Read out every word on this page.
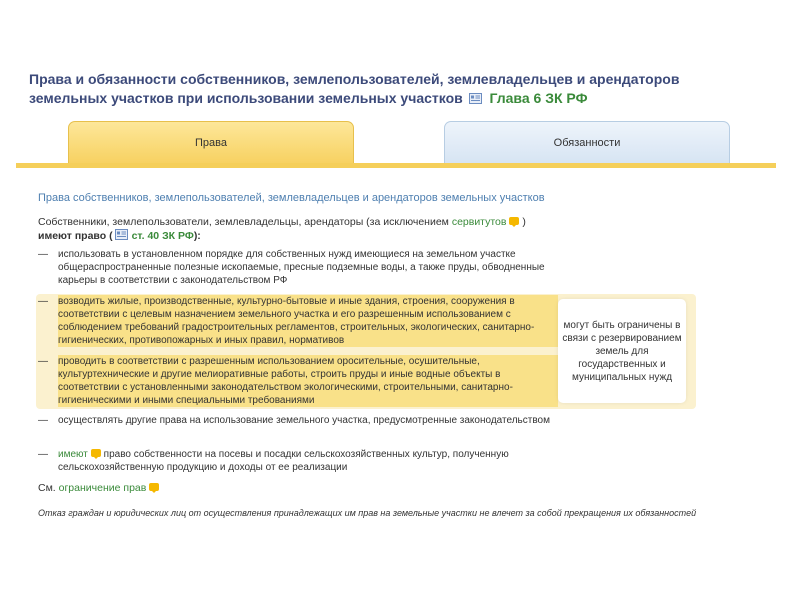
Права и обязанности собственников, землепользователей, землевладельцев и арендаторов
земельных участков при использовании земельных участков Глава 6 ЗК РФ
Права	Обязанности
Права собственников, землепользователей, землевладельцев и арендаторов земельных участков
Собственники, землепользователи, землевладельцы, арендаторы (за исключением сервитутов )
имеют право ( ст. 40 ЗК РФ):
—	использовать в установленном порядке для собственных нужд имеющиеся на земельном участке общераспространенные полезные ископаемые, пресные подземные воды, а также пруды, обводненные карьеры в соответствии с законодательством РФ
—	возводить жилые, производственные, культурно-бытовые и иные здания, строения, сооружения в соответствии с целевым назначением земельного участка и его разрешенным использованием с соблюдением требований градостроительных регламентов, строительных, экологических, санитарно-гигиенических, противопожарных и иных правил, нормативов
—	проводить в соответствии с разрешенным использованием оросительные, осушительные, культуртехнические и другие мелиоративные работы, строить пруды и иные водные объекты в соответствии с установленными законодательством экологическими, строительными, санитарно-гигиеническими и иными специальными требованиями
—	осуществлять другие права на использование земельного участка, предусмотренные законодательством
—	имеют право собственности на посевы и посадки сельскохозяйственных культур, полученную сельскохозяйственную продукцию и доходы от ее реализации
могут быть ограничены в связи с резервированием земель для государственных и муниципальных нужд
См. ограничение прав
Отказ граждан и юридических лиц от осуществления принадлежащих им прав на земельные участки не влечет за собой прекращения их обязанностей
